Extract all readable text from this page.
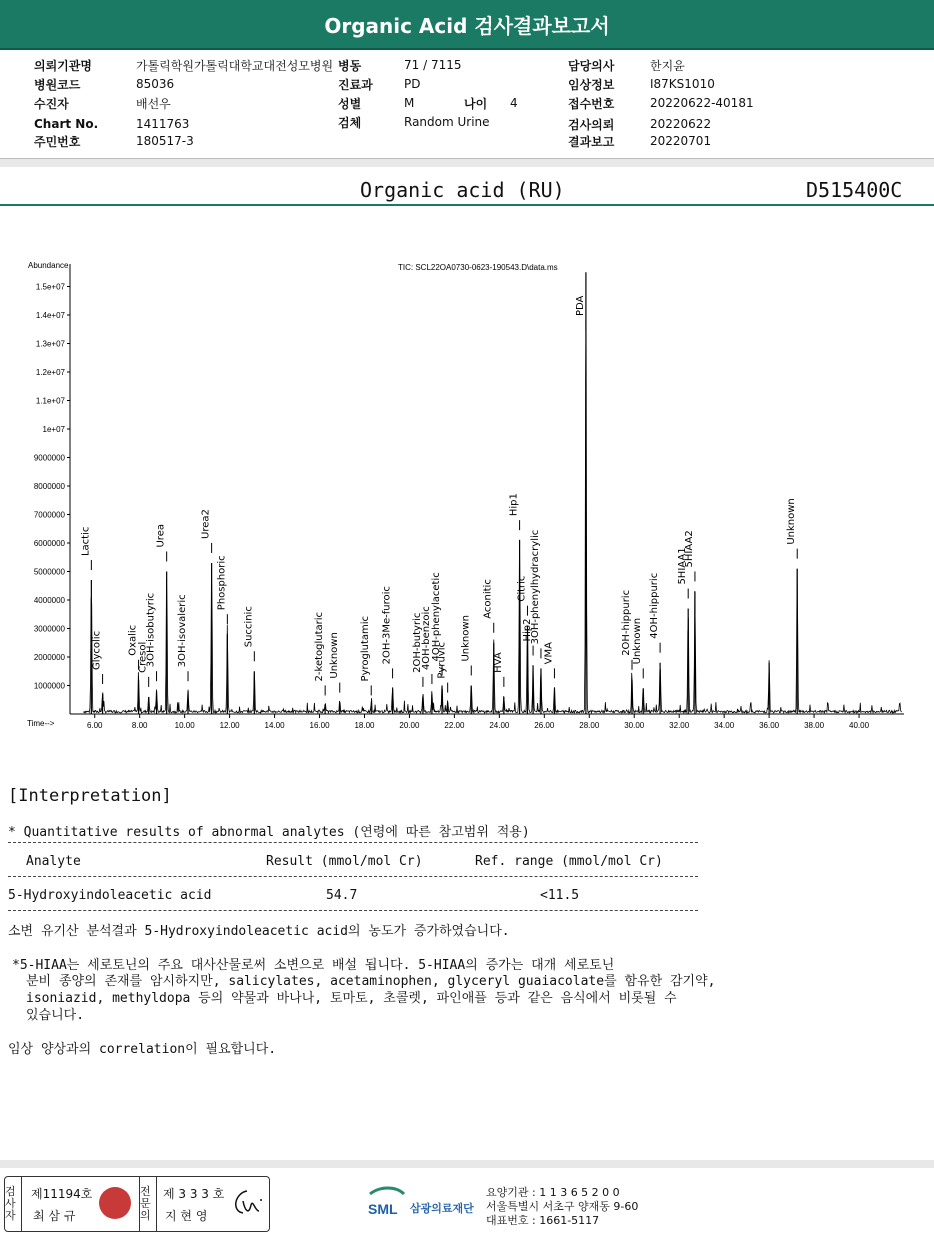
Organic Acid 검사결과보고서
의뢰기관명	가톨릭학원가톨릭대학교대전성모병원
병원코드	85036
수진자	배선우
Chart No.	1411763
주민번호	180517-3
병동	71 / 7115
진료과	PD
성별	M	나이 4
검체	Random Urine
담당의사	한지윤
임상정보	I87KS1010
접수번호	20220622-40181
검사의뢰	20220622
결과보고	20220701
Organic acid (RU)	D515400C
TIC: SCL22OA0730-0623-190543.D\data.ms
Abundance
Time-->
1000000
2000000
3000000
4000000
5000000
6000000
7000000
8000000
9000000
1e+07
1.1e+07
1.2e+07
1.3e+07
1.4e+07
1.5e+07
6.00	8.00	10.00	12.00	14.00	16.00	18.00	20.00	22.00	24.00	26.00	28.00	30.00	32.00	34.00	36.00	38.00	40.00
Lactic
Glycolic Oxalic
Cresol
3OH-isobutyric
Urea
3OH-isovaleric
Urea2
Phosphoric
Succinic	2-ketoglutaric Unknown Pyroglutamic 2OH-3Me-furoic 2OH-butyric
4OH-benzoic 4OH-phenylacetic
Pyruvic Unknown
Aconitic
HVA
Hip1
Citric
Hip2
3OH-phenylhydracrylic
VMA
PDA
2OH-hippuric Unknown
4OH-hippuric
5HIAA1
5HIAA2
Unknown
[Interpretation]
* Quantitative results of abnormal analytes (연령에 따른 참고범위 적용)
Analyte	Result (mmol/mol Cr)	Ref. range (mmol/mol Cr)
5-Hydroxyindoleacetic acid	54.7	<11.5
소변 유기산 분석결과 5-Hydroxyindoleacetic acid의 농도가 증가하였습니다.
*5-HIAA는 세로토닌의 주요 대사산물로써 소변으로 배설 됩니다. 5-HIAA의 증가는 대개 세로토닌
분비 종양의 존재를 암시하지만, salicylates, acetaminophen, glyceryl guaiacolate를 함유한 감기약,
isoniazid, methyldopa 등의 약물과 바나나, 토마토, 초콜렛, 파인애플 등과 같은 음식에서 비롯될 수
있습니다.
임상 양상과의 correlation이 필요합니다.
검사자
제11194호
최 삼 규
전문의
제 3 3 3 호
지 현 영	SML 삼광의료재단
요양기관 : 1 1 3 6 5 2 0 0
서울특별시 서초구 양재동 9-60
대표번호 : 1661-5117
